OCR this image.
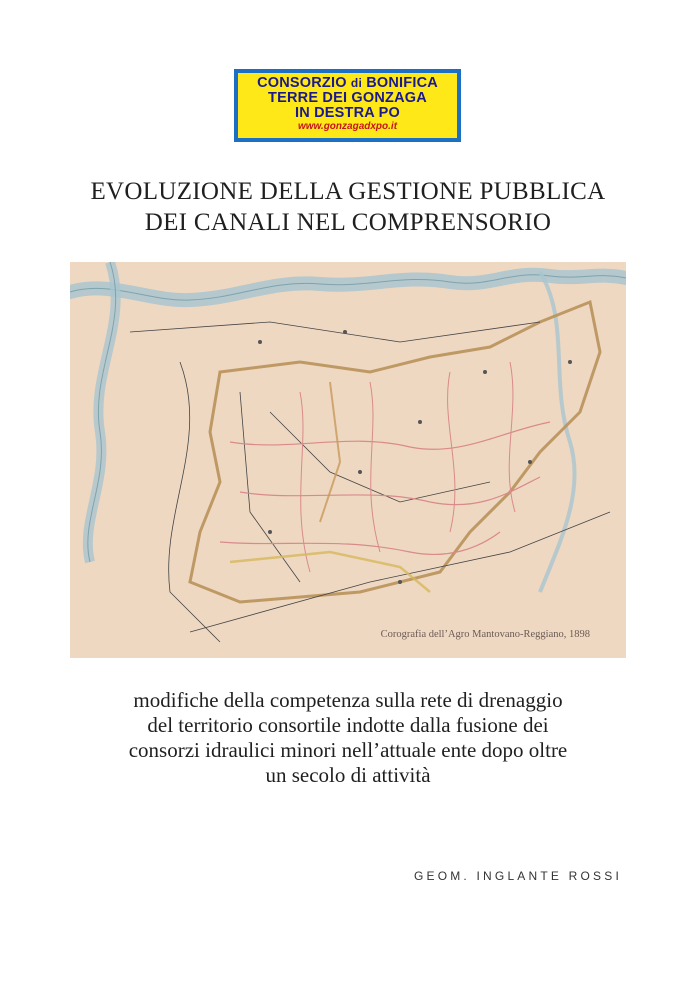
CONSORZIO di BONIFICA
TERRE DEI GONZAGA
IN DESTRA PO
www.gonzagadxpo.it
EVOLUZIONE DELLA GESTIONE PUBBLICA
DEI CANALI NEL COMPRENSORIO
Corografia dell’Agro Mantovano-Reggiano, 1898
modifiche della competenza sulla rete di drenaggio
del territorio consortile indotte dalla fusione dei
consorzi idraulici minori nell’attuale ente dopo oltre
un secolo di attività
GEOM. INGLANTE ROSSI
